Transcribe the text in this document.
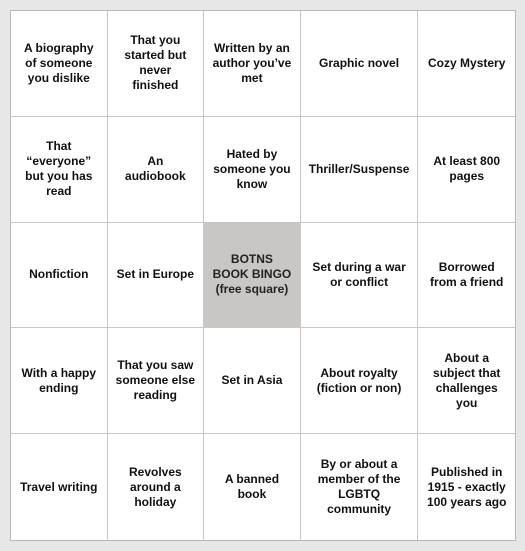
A biography of someone you dislike
That you started but never finished
Written by an author you’ve met
Graphic novel Cozy Mystery
That “everyone” but you has read
An audiobook
Hated by someone you know
Thriller/Suspense
At least 800 pages
Nonfiction Set in Europe
BOTNS BOOK BINGO
(free square)
Set during a war or conflict
Borrowed from a friend
With a happy ending
That you saw someone else reading
Set in Asia
About royalty (fiction or non)
About a subject that challenges you
Travel writing
Revolves around a holiday
A banned book
By or about a member of the LGBTQ community
Published in 1915 - exactly 100 years ago
